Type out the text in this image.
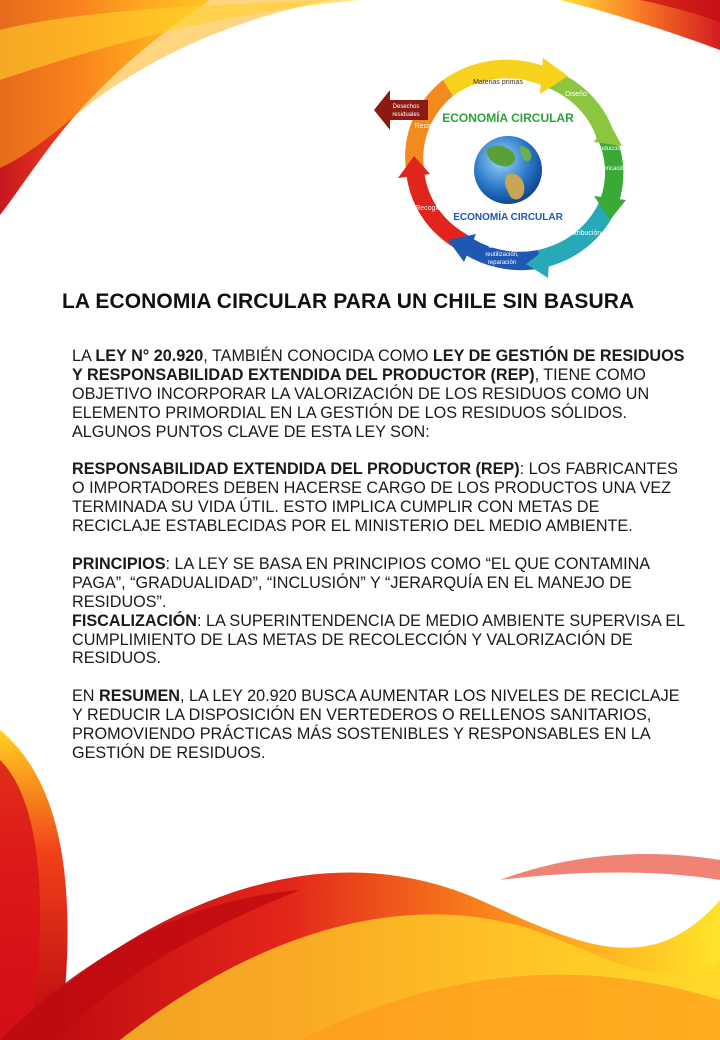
Desechos
residuales
Materias primas
Diseño
Producción
Refabricación
Distribución
Consumo,
reutilización,
reparación
Recogida
Reciclado
ECONOMÍA CIRCULAR
ECONOMÍA CIRCULAR
LA ECONOMIA CIRCULAR PARA UN CHILE SIN BASURA

LA LEY N° 20.920, TAMBIÉN CONOCIDA COMO LEY DE GESTIÓN DE RESIDUOS Y RESPONSABILIDAD EXTENDIDA DEL PRODUCTOR (REP), TIENE COMO OBJETIVO INCORPORAR LA VALORIZACIÓN DE LOS RESIDUOS COMO UN ELEMENTO PRIMORDIAL EN LA GESTIÓN DE LOS RESIDUOS SÓLIDOS. ALGUNOS PUNTOS CLAVE DE ESTA LEY SON:

RESPONSABILIDAD EXTENDIDA DEL PRODUCTOR (REP): LOS FABRICANTES O IMPORTADORES DEBEN HACERSE CARGO DE LOS PRODUCTOS UNA VEZ TERMINADA SU VIDA ÚTIL. ESTO IMPLICA CUMPLIR CON METAS DE RECICLAJE ESTABLECIDAS POR EL MINISTERIO DEL MEDIO AMBIENTE.

PRINCIPIOS: LA LEY SE BASA EN PRINCIPIOS COMO “EL QUE CONTAMINA PAGA”, “GRADUALIDAD”, “INCLUSIÓN” Y “JERARQUÍA EN EL MANEJO DE RESIDUOS”.

FISCALIZACIÓN: LA SUPERINTENDENCIA DE MEDIO AMBIENTE SUPERVISA EL CUMPLIMIENTO DE LAS METAS DE RECOLECCIÓN Y VALORIZACIÓN DE RESIDUOS.

EN RESUMEN, LA LEY 20.920 BUSCA AUMENTAR LOS NIVELES DE RECICLAJE Y REDUCIR LA DISPOSICIÓN EN VERTEDEROS O RELLENOS SANITARIOS, PROMOVIENDO PRÁCTICAS MÁS SOSTENIBLES Y RESPONSABLES EN LA GESTIÓN DE RESIDUOS.
